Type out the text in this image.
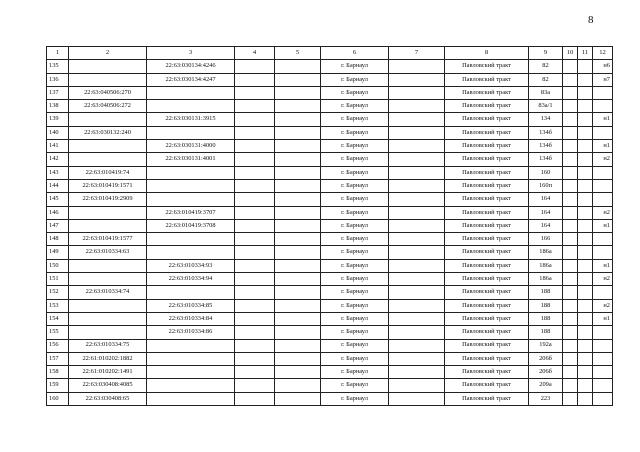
8
1	2	3	4	5	6	7	8	9	10	11	12
135		22:63:030134:4246			г. Барнаул		Павловский тракт	82			н6
136		22:63:030134:4247			г. Барнаул		Павловский тракт	82			н7
137	22:63:040506:270				г. Барнаул		Павловский тракт	83а			
138	22:63:040506:272				г. Барнаул		Павловский тракт	83а/1			
139		22:63:030131:3915			г. Барнаул		Павловский тракт	134			н1
140	22:63:030132:240				г. Барнаул		Павловский тракт	134б			
141		22:63:030131:4000			г. Барнаул		Павловский тракт	134б			н1
142		22:63:030131:4001			г. Барнаул		Павловский тракт	134б			н2
143	22:63:010419:74				г. Барнаул		Павловский тракт	160			
144	22:63:010419:1571				г. Барнаул		Павловский тракт	160п			
145	22:63:010419:2909				г. Барнаул		Павловский тракт	164			
146		22:63:010419:3707			г. Барнаул		Павловский тракт	164			н2
147		22:63:010419:3708			г. Барнаул		Павловский тракт	164			н1
148	22:63:010419:1577				г. Барнаул		Павловский тракт	166			
149	22:63:010334:63				г. Барнаул		Павловский тракт	186а			
150		22:63:010334:93			г. Барнаул		Павловский тракт	186а			н1
151		22:63:010334:94			г. Барнаул		Павловский тракт	186а			н2
152	22:63:010334:74				г. Барнаул		Павловский тракт	188			
153		22:63:010334:85			г. Барнаул		Павловский тракт	188			н2
154		22:63:010334:84			г. Барнаул		Павловский тракт	188			н1
155		22:63:010334:86			г. Барнаул		Павловский тракт	188			
156	22:63:010334:75				г. Барнаул		Павловский тракт	192а			
157	22:61:010202:1882				г. Барнаул		Павловский тракт	206б			
158	22:61:010202:1491				г. Барнаул		Павловский тракт	206б			
159	22:63:030408:4085				г. Барнаул		Павловский тракт	209а			
160	22:63:030408:65				г. Барнаул		Павловский тракт	223			
